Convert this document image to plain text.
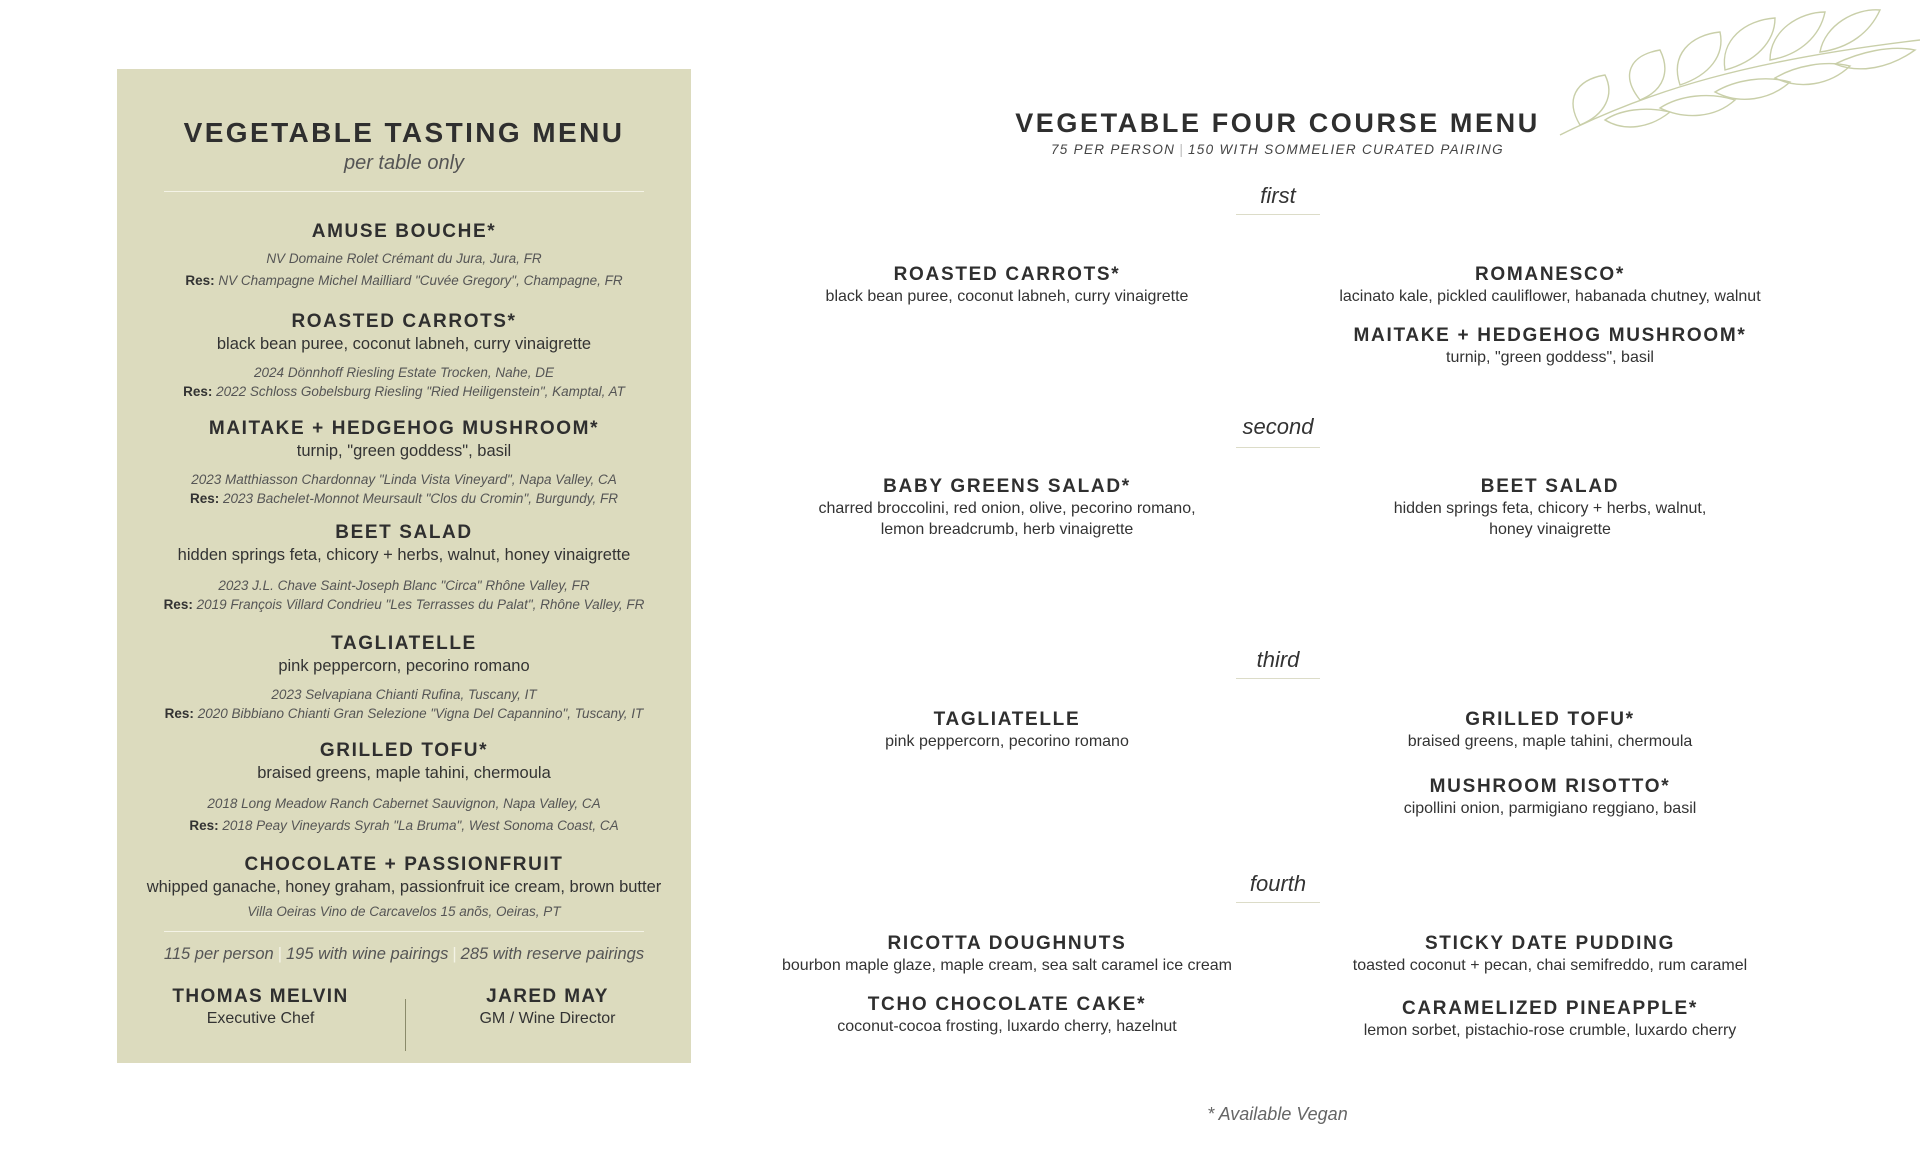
VEGETABLE TASTING MENU
per table only
AMUSE BOUCHE*
NV Domaine Rolet Crémant du Jura, Jura, FR
Res: NV Champagne Michel Mailliard "Cuvée Gregory", Champagne, FR
ROASTED CARROTS*
black bean puree, coconut labneh, curry vinaigrette
2024 Dönnhoff Riesling Estate Trocken, Nahe, DE
Res: 2022 Schloss Gobelsburg Riesling "Ried Heiligenstein", Kamptal, AT
MAITAKE + HEDGEHOG MUSHROOM*
turnip, "green goddess", basil
2023 Matthiasson Chardonnay "Linda Vista Vineyard", Napa Valley, CA
Res: 2023 Bachelet-Monnot Meursault "Clos du Cromin", Burgundy, FR
BEET SALAD
hidden springs feta, chicory + herbs, walnut, honey vinaigrette
2023 J.L. Chave Saint-Joseph Blanc "Circa" Rhône Valley, FR
Res: 2019 François Villard Condrieu "Les Terrasses du Palat", Rhône Valley, FR
TAGLIATELLE
pink peppercorn, pecorino romano
2023 Selvapiana Chianti Rufina, Tuscany, IT
Res: 2020 Bibbiano Chianti Gran Selezione "Vigna Del Capannino", Tuscany, IT
GRILLED TOFU*
braised greens, maple tahini, chermoula
2018 Long Meadow Ranch Cabernet Sauvignon, Napa Valley, CA
Res: 2018 Peay Vineyards Syrah "La Bruma", West Sonoma Coast, CA
CHOCOLATE + PASSIONFRUIT
whipped ganache, honey graham, passionfruit ice cream, brown butter
Villa Oeiras Vino de Carcavelos 15 anõs, Oeiras, PT
115 per person | 195 with wine pairings | 285 with reserve pairings
THOMAS MELVIN
Executive Chef
JARED MAY
GM / Wine Director
VEGETABLE FOUR COURSE MENU
75 PER PERSON | 150 WITH SOMMELIER CURATED PAIRING
first
ROASTED CARROTS*
black bean puree, coconut labneh, curry vinaigrette
ROMANESCO*
lacinato kale, pickled cauliflower, habanada chutney, walnut
MAITAKE + HEDGEHOG MUSHROOM*
turnip, "green goddess", basil
second
BABY GREENS SALAD*
charred broccolini, red onion, olive, pecorino romano,
lemon breadcrumb, herb vinaigrette
BEET SALAD
hidden springs feta, chicory + herbs, walnut,
honey vinaigrette
third
TAGLIATELLE
pink peppercorn, pecorino romano
GRILLED TOFU*
braised greens, maple tahini, chermoula
MUSHROOM RISOTTO*
cipollini onion, parmigiano reggiano, basil
fourth
RICOTTA DOUGHNUTS
bourbon maple glaze, maple cream, sea salt caramel ice cream
TCHO CHOCOLATE CAKE*
coconut-cocoa frosting, luxardo cherry, hazelnut
STICKY DATE PUDDING
toasted coconut + pecan, chai semifreddo, rum caramel
CARAMELIZED PINEAPPLE*
lemon sorbet, pistachio-rose crumble, luxardo cherry
* Available Vegan
